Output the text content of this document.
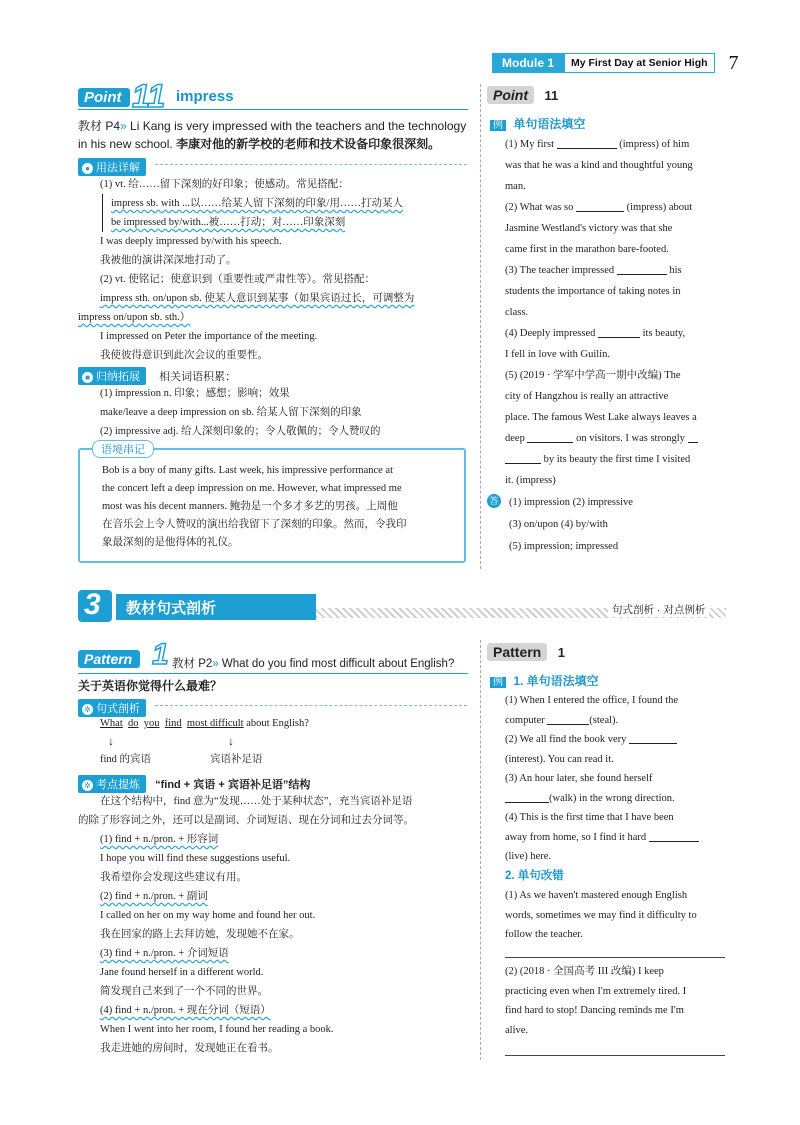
Module 1	My First Day at Senior High	7
Point 11 impress
教材 P4» Li Kang is very impressed with the teachers and the technology
in his new school. 李康对他的新学校的老师和技术设备印象很深刻。
● 用法详解
(1) vt. 给……留下深刻的好印象；使感动。常见搭配：
impress sb. with ...以……给某人留下深刻的印象/用……打动某人
be impressed by/with...被……打动；对……印象深刻
I was deeply impressed by/with his speech.
我被他的演讲深深地打动了。
(2) vt. 使铭记；使意识到（重要性或严肃性等）。常见搭配：
impress sth. on/upon sb. 使某人意识到某事（如果宾语过长，可调整为
impress on/upon sb. sth.）
I impressed on Peter the importance of the meeting.
我使彼得意识到此次会议的重要性。
■ 归纳拓展 相关词语积累：
(1) impression n. 印象；感想；影响；效果
make/leave a deep impression on sb. 给某人留下深刻的印象
(2) impressive adj. 给人深刻印象的；令人敬佩的；令人赞叹的
语境串记
Bob is a boy of many gifts. Last week, his impressive performance at
the concert left a deep impression on me. However, what impressed me
most was his decent manners. 鲍勃是一个多才多艺的男孩。上周他
在音乐会上令人赞叹的演出给我留下了深刻的印象。然而，令我印
象最深刻的是他得体的礼仪。
Point 11
例 单句语法填空
(1) My first	(impress) of him
was that he was a kind and thoughtful young
man.
(2) What was so	(impress) about
Jasmine Westland's victory was that she
came first in the marathon bare-footed.
(3) The teacher impressed	his
students the importance of taking notes in
class.
(4) Deeply impressed	its beauty,
I fell in love with Guilin.
(5) (2019 · 学军中学高一期中改编) The
city of Hangzhou is really an attractive
place. The famous West Lake always leaves a
deep	on visitors. I was strongly
by its beauty the first time I visited
it. (impress)
答 (1) impression (2) impressive
(3) on/upon (4) by/with
(5) impression; impressed
3	教材句式剖析	句式剖析 · 对点例析
Pattern 1 教材 P2» What do you find most difficult about English?
关于英语你觉得什么最难？
✲ 句式剖析
What do you find most difficult about English?
↓	↓
find 的宾语	宾语补足语
✲ 考点提炼 “find + 宾语 + 宾语补足语”结构
在这个结构中，find 意为“发现……处于某种状态”，充当宾语补足语
的除了形容词之外，还可以是副词、介词短语、现在分词和过去分词等。
(1) find + n./pron. + 形容词
I hope you will find these suggestions useful.
我希望你会发现这些建议有用。
(2) find + n./pron. + 副词
I called on her on my way home and found her out.
我在回家的路上去拜访她，发现她不在家。
(3) find + n./pron. + 介词短语
Jane found herself in a different world.
简发现自己来到了一个不同的世界。
(4) find + n./pron. + 现在分词（短语）
When I went into her room, I found her reading a book.
我走进她的房间时，发现她正在看书。
Pattern 1
例 1. 单句语法填空
(1) When I entered the office, I found the
computer	(steal).
(2) We all find the book very
(interest). You can read it.
(3) An hour later, she found herself
(walk) in the wrong direction.
(4) This is the first time that I have been
away from home, so I find it hard
(live) here.
2. 单句改错
(1) As we haven't mastered enough English
words, sometimes we may find it difficulty to
follow the teacher.
(2) (2018 · 全国高考 III 改编) I keep
practicing even when I'm extremely tired. I
find hard to stop! Dancing reminds me I'm
alive.
